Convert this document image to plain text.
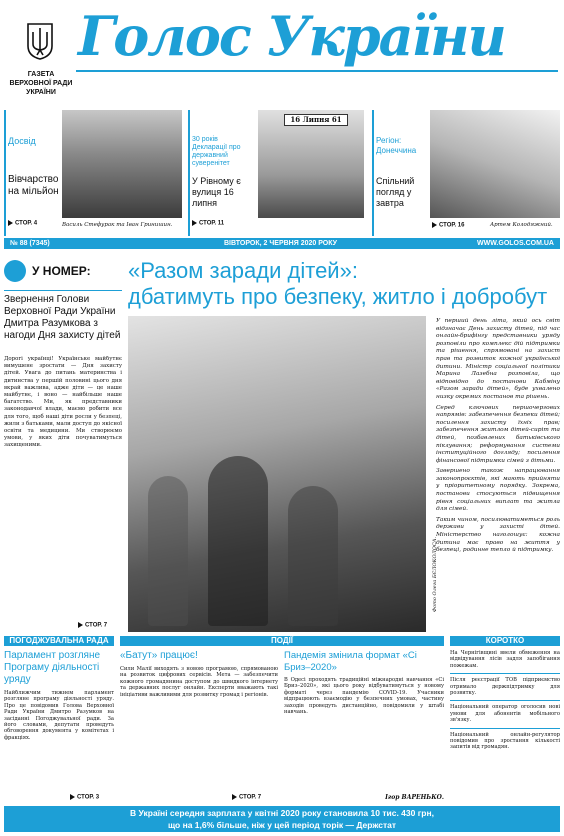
ГАЗЕТА
ВЕРХОВНОЇ РАДИ
УКРАЇНИ
Голос України
Досвід
Вівчарство на мільйон
Василь Стефурак та Іван Гринишин.
СТОР. 4
30 років Декларації про державний суверенітет
У Рівному є вулиця 16 липня
16 Липня 61
СТОР. 11
Регіон: Донеччина
Спільний погляд у завтра
Артем Колодяжний.
СТОР. 16
№ 88 (7345)	ВІВТОРОК, 2 ЧЕРВНЯ 2020 РОКУ	WWW.GOLOS.COM.UA
У НОМЕР:
Звернення Голови Верховної Ради України Дмитра Разумкова з нагоди Дня захисту дітей
Дорогі українці! Українське майбутнє вимушене зростати — Дня захисту дітей. Увага до питань материнства і дитинства у першій половині цього дня вкрай важлива, адже діти — це наше майбутнє, і воно — найбільше наше багатство. Ми, як представники законодавчої влади, маємо робити все для того, щоб наші діти росли у безпеці, жили з батьками, мали доступ до якісної освіти та медицини. Ми створюємо умови, у яких діти почуватимуться захищеними.
СТОР. 7
«Разом заради дітей»:
дбатимуть про безпеку, житло і добробут
Фото Олега БЄЛОКОЛОСА.

У перший день літа, який ось світ відзначає День захисту дітей, під час онлайн-брифінгу представники уряду розповіли про комплекс дій підтримки та рішення, спрямовані на захист прав та розвиток кожної української дитини. Міністр соціальної політики Марина Лазебна розповіла, що відповідно до постанови Кабміну «Разом заради дітей», буде ухвалено низку окремих постанов та рішень.

Серед ключових першочергових напрямів: забезпечення безпеки дітей; посилення захисту їхніх прав; забезпечення житлом дітей-сиріт та дітей, позбавлених батьківського піклування; реформування системи інституційного догляду; посилення фінансової підтримки сімей з дітьми.

Завершено також напрацювання законопроєктів, які мають прийняти у пріоритетному порядку. Зокрема, постанови стосуються підвищення рівня соціальних виплат та житла для сімей.

Таким чином, посилюватиметься роль держави у захисті дітей. Міністерство наголошує: кожна дитина має право на життя у безпеці, родинне тепло й підтримку.

ПОГОДЖУВАЛЬНА РАДА	ПОДІЇ	КОРОТКО
Парламент розгляне Програму діяльності уряду
Найближчим тижнем парламент розгляне програму діяльності уряду. Про це повідомив Голова Верховної Ради України Дмитро Разумков на засіданні Погоджувальної ради. За його словами, депутати проведуть обговорення документа у комітетах і фракціях.
СТОР. 3
«Батут» працює!
Сили Малії виходять з новою програмою, спрямованою на розвиток цифрових сервісів. Мета — забезпечити кожного громадянина доступом до швидкого інтернету та державних послуг онлайн. Експерти вважають такі ініціативи важливими для розвитку громад і регіонів.
СТОР. 7
Пандемія змінила формат «Сі Бриз–2020»
В Одесі проходять традиційні міжнародні навчання «Сі Бриз–2020», які цього року відбуватимуться у новому форматі через пандемію COVID-19. Учасники відпрацюють взаємодію у безпечних умовах, частину заходів проведуть дистанційно, повідомили у штабі навчань.
Ігор ВАРЕНЬКО.
На Чернігівщині ввели обмеження на відвідування лісів задля запобігання пожежам.
Після реєстрації ТОВ підприємство отримало держпідтримку для розвитку.
Національний оператор оголосив нові умови для абонентів мобільного зв'язку.
Національний онлайн-регулятор повідомив про зростання кількості запитів від громадян.
В Україні середня зарплата у квітні 2020 року становила 10 тис. 430 грн,
що на 1,6% більше, ніж у цей період торік — Держстат
